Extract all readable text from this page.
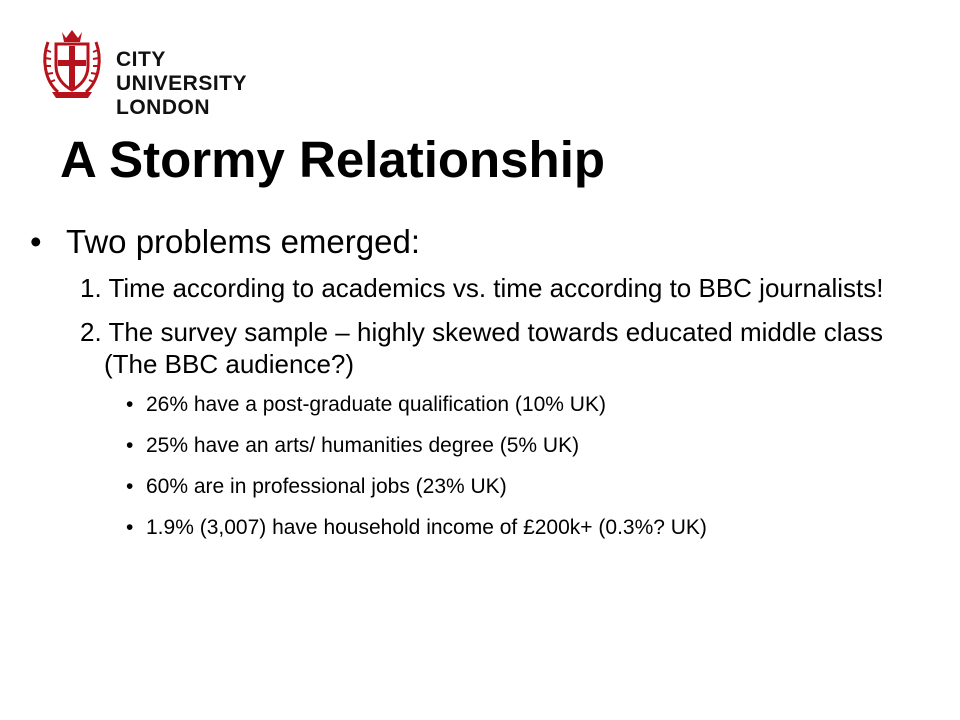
EST 1894
CITY UNIVERSITY
LONDON
A Stormy Relationship
• Two problems emerged:
1. Time according to academics vs. time according to BBC journalists!
2. The survey sample – highly skewed towards educated middle class (The BBC audience?)
• 26% have a post-graduate qualification (10% UK)
• 25% have an arts/ humanities degree (5% UK)
• 60% are in professional jobs (23% UK)
• 1.9% (3,007) have household income of £200k+ (0.3%? UK)
